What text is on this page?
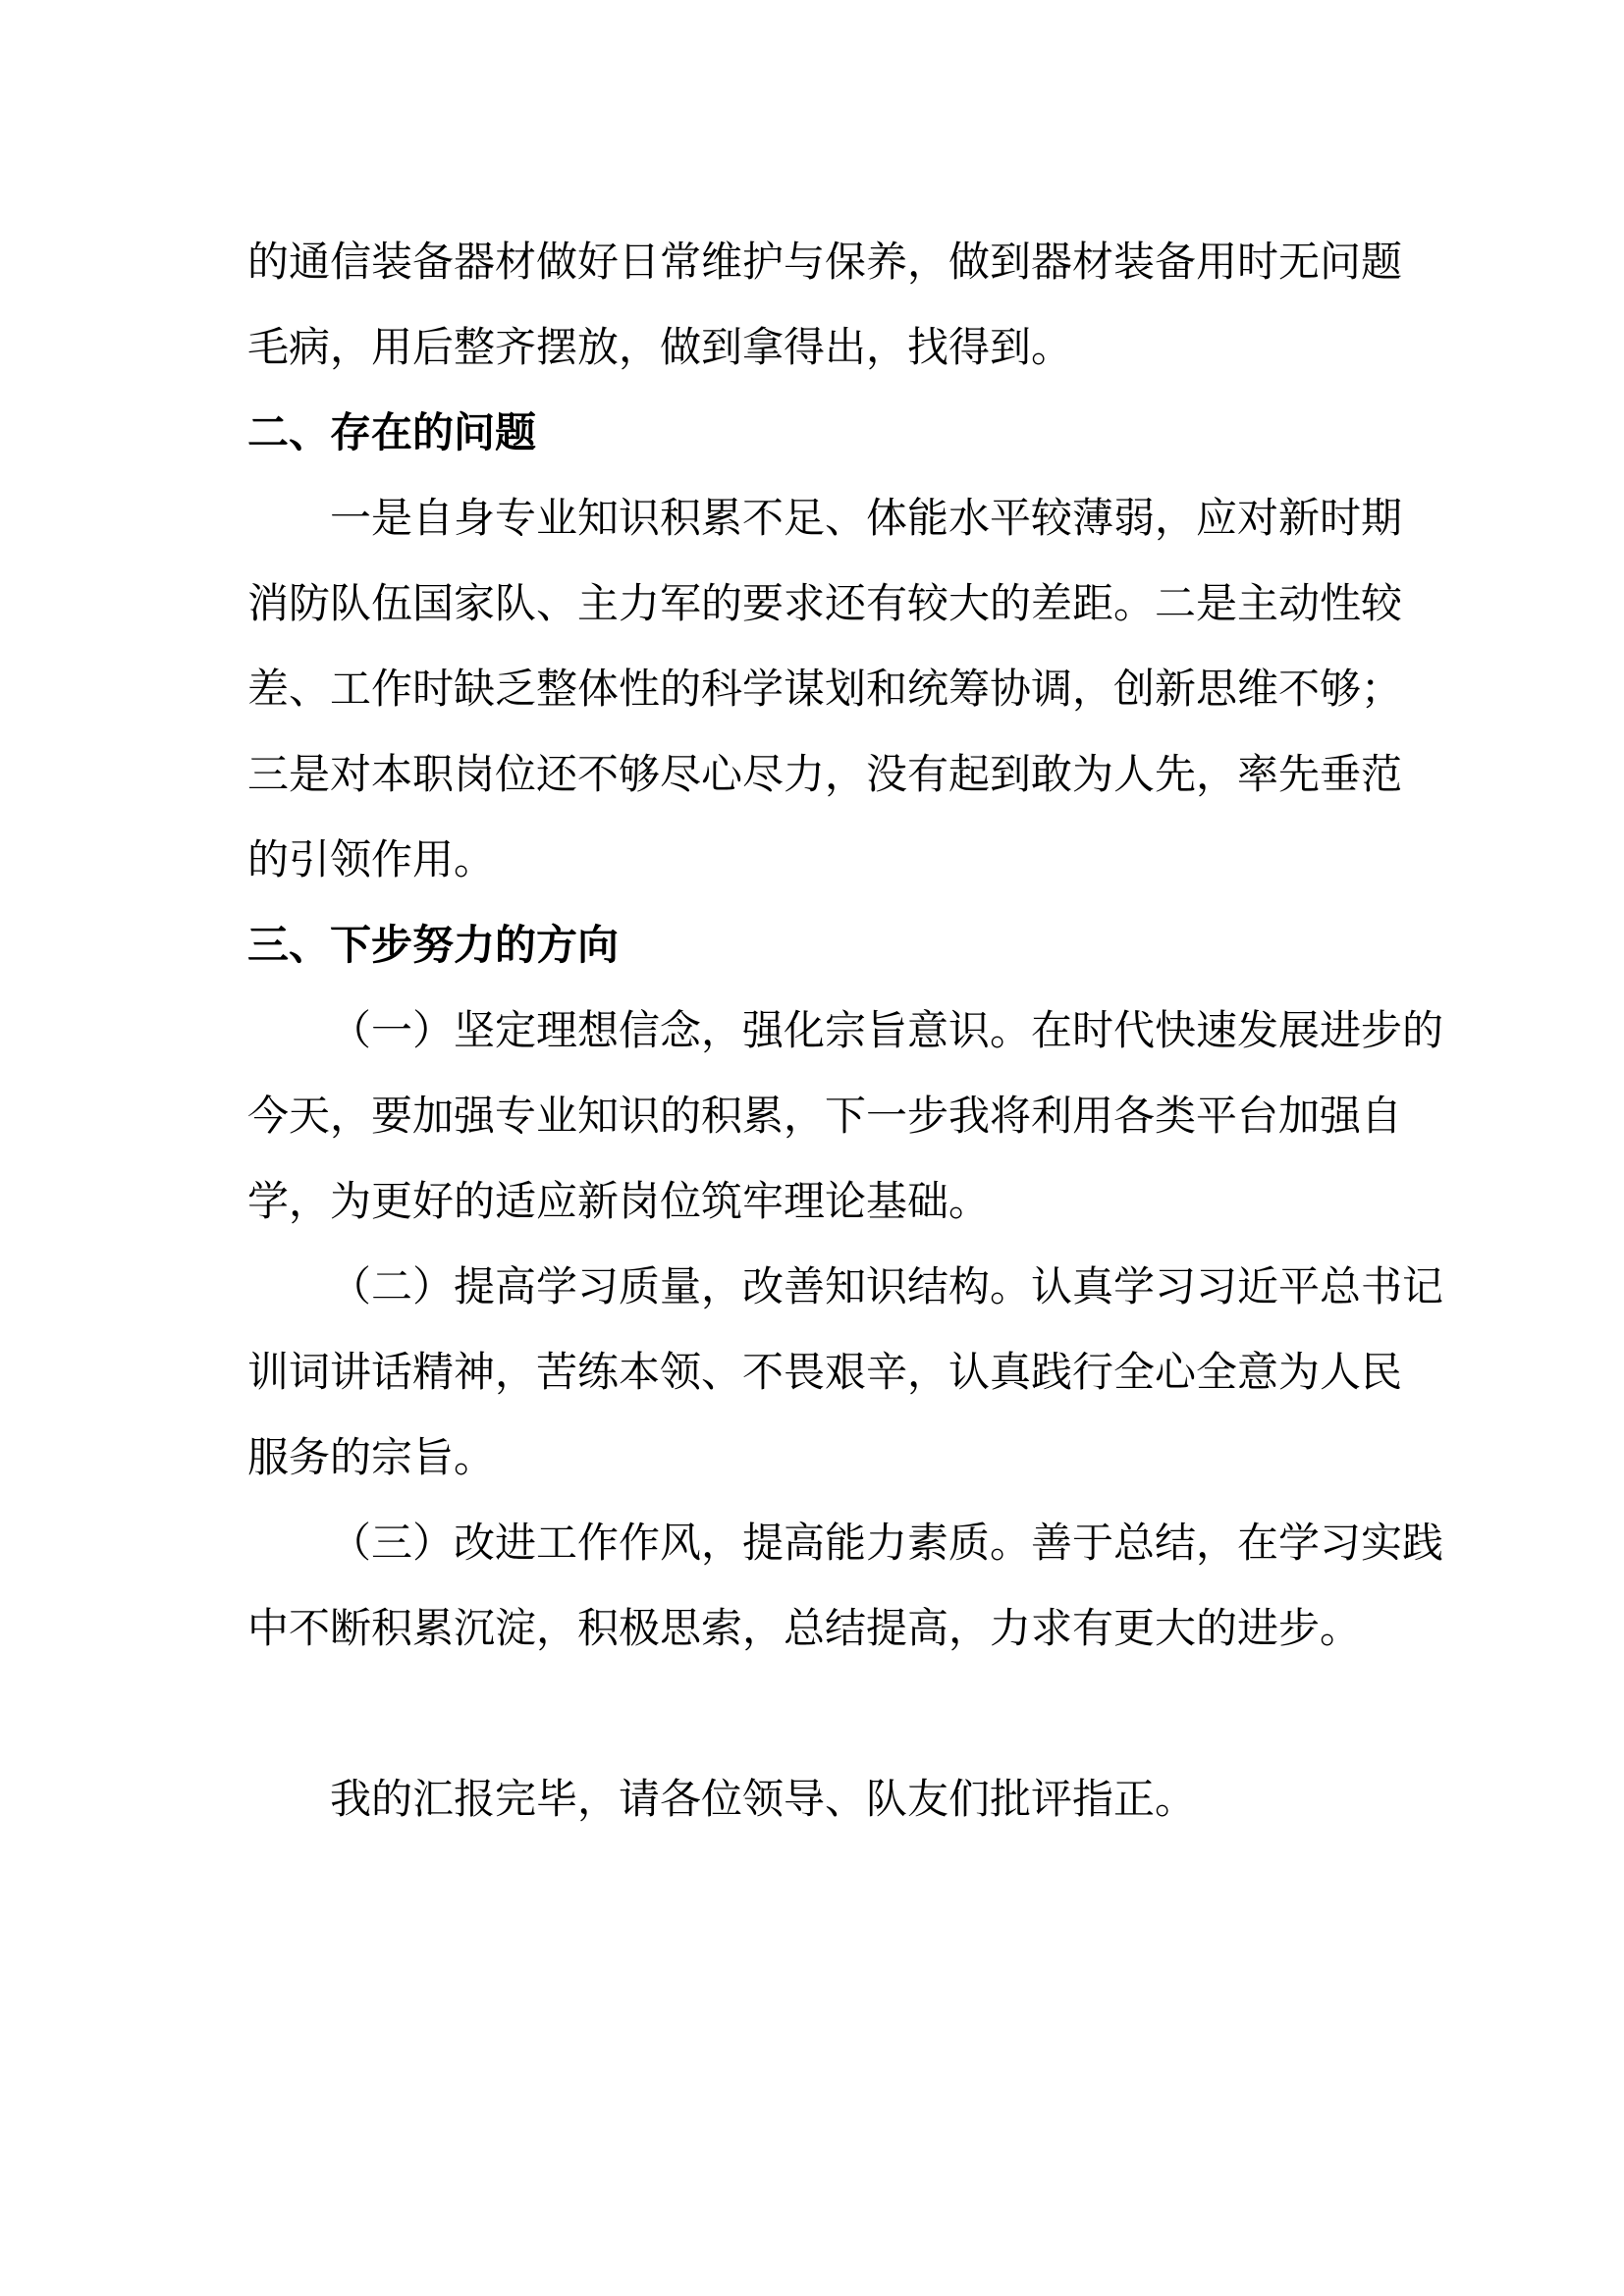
的通信装备器材做好日常维护与保养，做到器材装备用时无问题
毛病，用后整齐摆放，做到拿得出，找得到。
二、存在的问题
一是自身专业知识积累不足、体能水平较薄弱，应对新时期
消防队伍国家队、主力军的要求还有较大的差距。二是主动性较
差、工作时缺乏整体性的科学谋划和统筹协调，创新思维不够；
三是对本职岗位还不够尽心尽力，没有起到敢为人先，率先垂范
的引领作用。
三、下步努力的方向
（一）坚定理想信念，强化宗旨意识。在时代快速发展进步的
今天，要加强专业知识的积累，下一步我将利用各类平台加强自
学，为更好的适应新岗位筑牢理论基础。
（二）提高学习质量，改善知识结构。认真学习习近平总书记
训词讲话精神，苦练本领、不畏艰辛，认真践行全心全意为人民
服务的宗旨。
（三）改进工作作风，提高能力素质。善于总结，在学习实践
中不断积累沉淀，积极思索，总结提高，力求有更大的进步。
我的汇报完毕，请各位领导、队友们批评指正。
